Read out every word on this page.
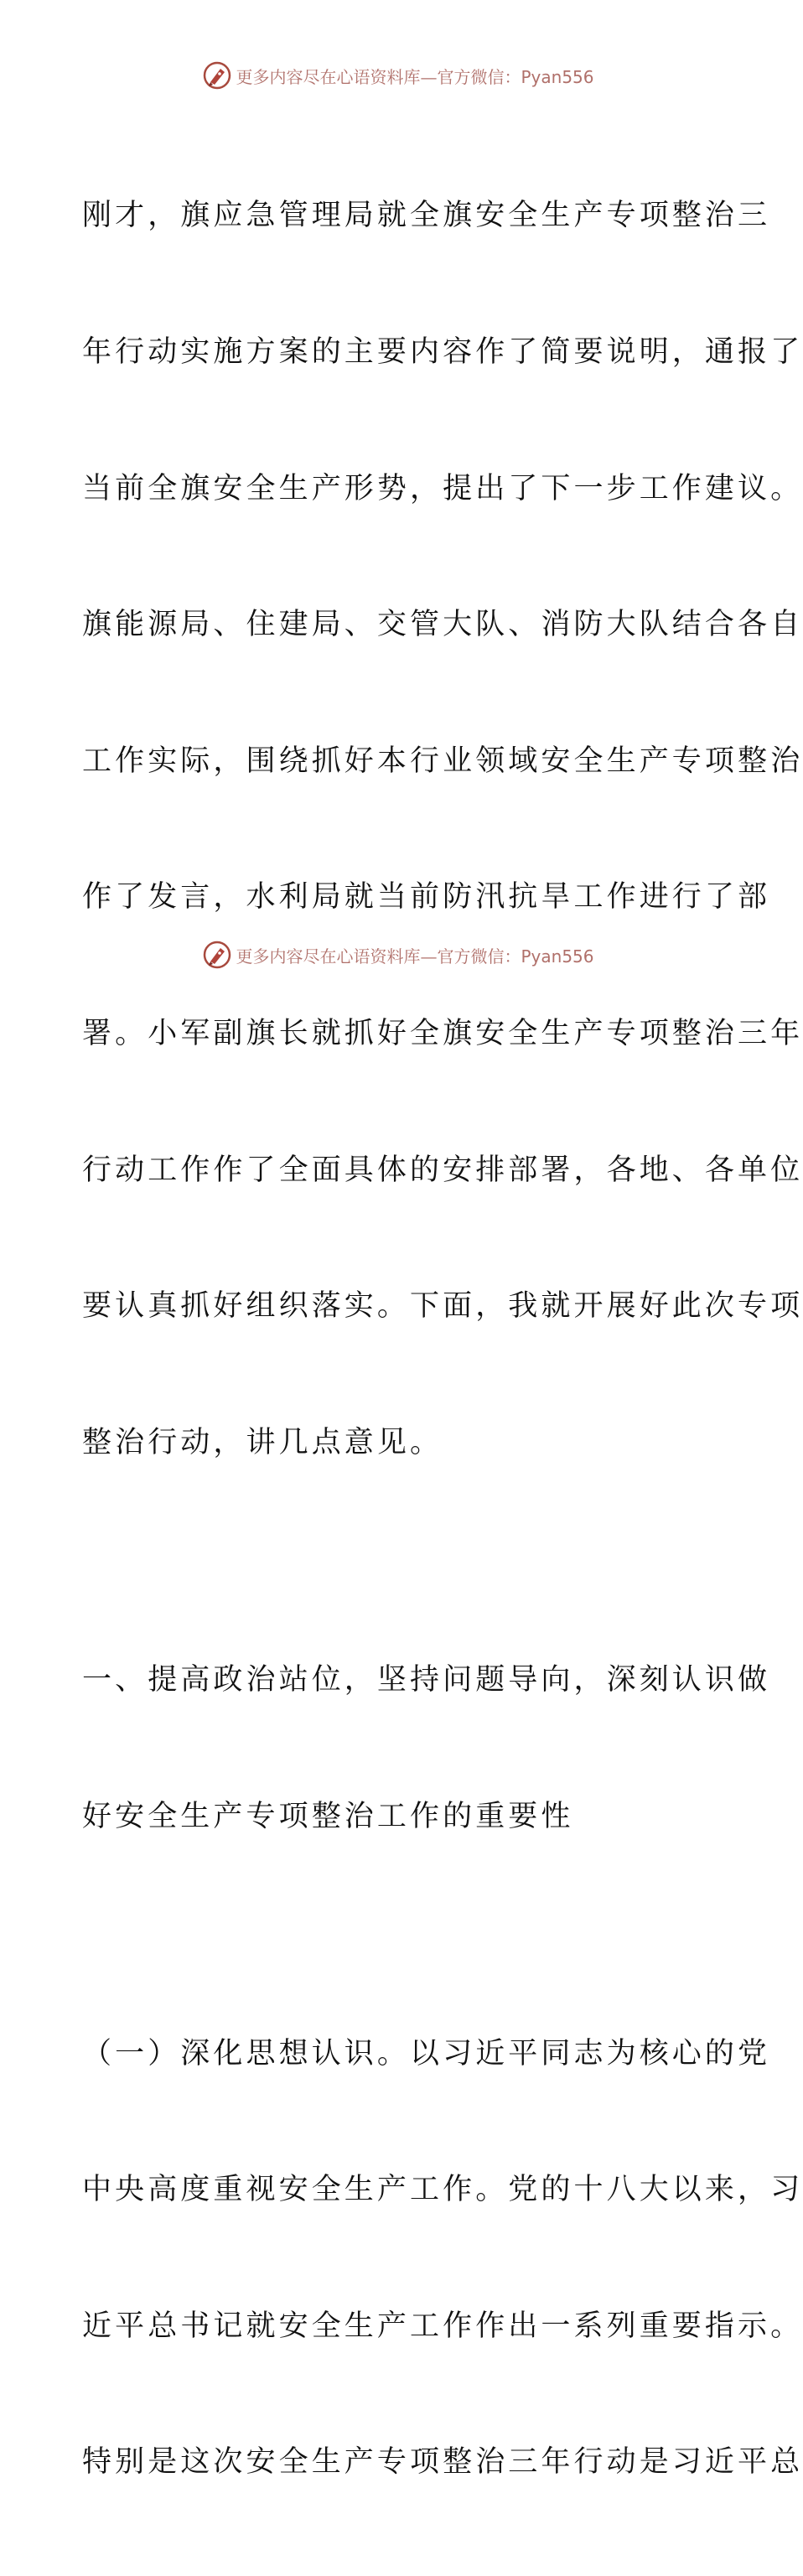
更多内容尽在心语资料库—官方微信：Pyan556

刚才，旗应急管理局就全旗安全生产专项整治三

年行动实施方案的主要内容作了简要说明，通报了

当前全旗安全生产形势，提出了下一步工作建议。

旗能源局、住建局、交管大队、消防大队结合各自

工作实际，围绕抓好本行业领域安全生产专项整治

作了发言，水利局就当前防汛抗旱工作进行了部

署。小军副旗长就抓好全旗安全生产专项整治三年

行动工作作了全面具体的安排部署，各地、各单位

要认真抓好组织落实。下面，我就开展好此次专项

整治行动，讲几点意见。

一、提高政治站位，坚持问题导向，深刻认识做

好安全生产专项整治工作的重要性

（一）深化思想认识。以习近平同志为核心的党

中央高度重视安全生产工作。党的十八大以来，习

近平总书记就安全生产工作作出一系列重要指示。

特别是这次安全生产专项整治三年行动是习近平总

更多内容尽在心语资料库—官方微信：Pyan556
